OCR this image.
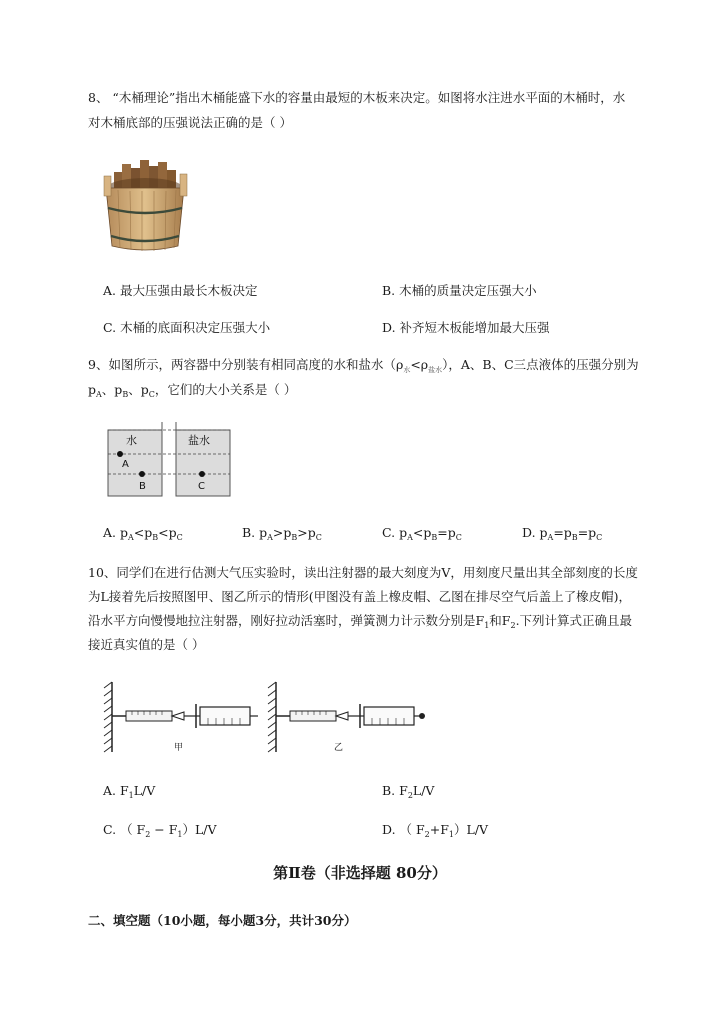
8、 “木桶理论”指出木桶能盛下水的容量由最短的木板来决定。如图将水注进水平面的木桶时，水
对木桶底部的压强说法正确的是（ ）
A. 最大压强由最长木板决定	B. 木桶的质量决定压强大小
C. 木桶的底面积决定压强大小	D. 补齐短木板能增加最大压强
9、如图所示，两容器中分别装有相同高度的水和盐水$(\rho_水<\rho_{盐水})$，A、B、C三点液体的压强分别为
$p_A$、$p_B$、$p_C$，它们的大小关系是（ ）
水	盐水
A
B	C
A. $p_A<p_B<p_C$	B. $p_A>p_B>p_C$	C. $p_A<p_B=p_C$	D. $p_A=p_B=p_C$
10、同学们在进行估测大气压实验时，读出注射器的最大刻度为V，用刻度尺量出其全部刻度的长度
为L接着先后按照图甲、图乙所示的情形(甲图没有盖上橡皮帽、乙图在排尽空气后盖上了橡皮帽)，
沿水平方向慢慢地拉注射器，刚好拉动活塞时，弹簧测力计示数分别是$F_1$和$F_2$.下列计算式正确且最
接近真实值的是（ ）
甲	乙
A. $F_1L/V$	B. $F_2L/V$
C. （ $F_2 - F_1)L/V$	D. （ $F_2+F_1)L/V$
第Ⅱ卷（非选择题 80分）
二、填空题（10小题，每小题3分，共计30分）
